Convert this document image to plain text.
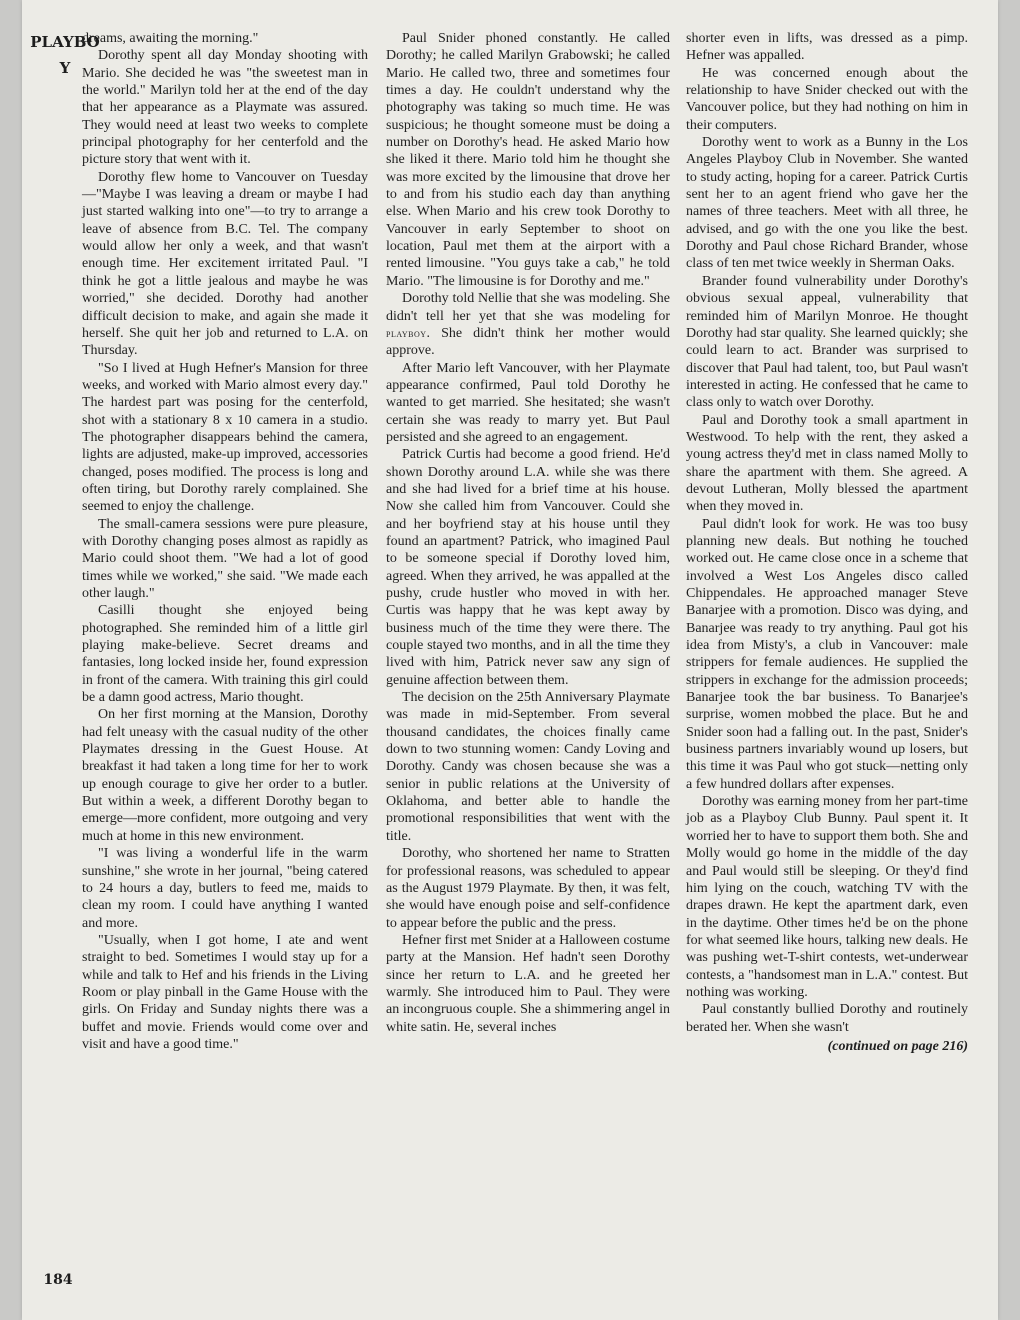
PLAYBOY
184

dreams, awaiting the morning."

Dorothy spent all day Monday shooting with Mario. She decided he was "the sweetest man in the world." Marilyn told her at the end of the day that her appearance as a Playmate was assured. They would need at least two weeks to complete principal photography for her centerfold and the picture story that went with it.

Dorothy flew home to Vancouver on Tuesday—"Maybe I was leaving a dream or maybe I had just started walking into one"—to try to arrange a leave of absence from B.C. Tel. The company would allow her only a week, and that wasn't enough time. Her excitement irritated Paul. "I think he got a little jealous and maybe he was worried," she decided. Dorothy had another difficult decision to make, and again she made it herself. She quit her job and returned to L.A. on Thursday.

"So I lived at Hugh Hefner's Mansion for three weeks, and worked with Mario almost every day." The hardest part was posing for the centerfold, shot with a stationary 8 x 10 camera in a studio. The photographer disappears behind the camera, lights are adjusted, make-up improved, accessories changed, poses modified. The process is long and often tiring, but Dorothy rarely complained. She seemed to enjoy the challenge.

The small-camera sessions were pure pleasure, with Dorothy changing poses almost as rapidly as Mario could shoot them. "We had a lot of good times while we worked," she said. "We made each other laugh."

Casilli thought she enjoyed being photographed. She reminded him of a little girl playing make-believe. Secret dreams and fantasies, long locked inside her, found expression in front of the camera. With training this girl could be a damn good actress, Mario thought.

On her first morning at the Mansion, Dorothy had felt uneasy with the casual nudity of the other Playmates dressing in the Guest House. At breakfast it had taken a long time for her to work up enough courage to give her order to a butler. But within a week, a different Dorothy began to emerge—more confident, more outgoing and very much at home in this new environment.

"I was living a wonderful life in the warm sunshine," she wrote in her journal, "being catered to 24 hours a day, butlers to feed me, maids to clean my room. I could have anything I wanted and more.

"Usually, when I got home, I ate and went straight to bed. Sometimes I would stay up for a while and talk to Hef and his friends in the Living Room or play pinball in the Game House with the girls. On Friday and Sunday nights there was a buffet and movie. Friends would come over and visit and have a good time."

Paul Snider phoned constantly. He called Dorothy; he called Marilyn Grabowski; he called Mario. He called two, three and sometimes four times a day. He couldn't understand why the photography was taking so much time. He was suspicious; he thought someone must be doing a number on Dorothy's head. He asked Mario how she liked it there. Mario told him he thought she was more excited by the limousine that drove her to and from his studio each day than anything else. When Mario and his crew took Dorothy to Vancouver in early September to shoot on location, Paul met them at the airport with a rented limousine. "You guys take a cab," he told Mario. "The limousine is for Dorothy and me."

Dorothy told Nellie that she was modeling. She didn't tell her yet that she was modeling for playboy. She didn't think her mother would approve.

After Mario left Vancouver, with her Playmate appearance confirmed, Paul told Dorothy he wanted to get married. She hesitated; she wasn't certain she was ready to marry yet. But Paul persisted and she agreed to an engagement.

Patrick Curtis had become a good friend. He'd shown Dorothy around L.A. while she was there and she had lived for a brief time at his house. Now she called him from Vancouver. Could she and her boyfriend stay at his house until they found an apartment? Patrick, who imagined Paul to be someone special if Dorothy loved him, agreed. When they arrived, he was appalled at the pushy, crude hustler who moved in with her. Curtis was happy that he was kept away by business much of the time they were there. The couple stayed two months, and in all the time they lived with him, Patrick never saw any sign of genuine affection between them.

The decision on the 25th Anniversary Playmate was made in mid-September. From several thousand candidates, the choices finally came down to two stunning women: Candy Loving and Dorothy. Candy was chosen because she was a senior in public relations at the University of Oklahoma, and better able to handle the promotional responsibilities that went with the title.

Dorothy, who shortened her name to Stratten for professional reasons, was scheduled to appear as the August 1979 Playmate. By then, it was felt, she would have enough poise and self-confidence to appear before the public and the press.

Hefner first met Snider at a Halloween costume party at the Mansion. Hef hadn't seen Dorothy since her return to L.A. and he greeted her warmly. She introduced him to Paul. They were an incongruous couple. She a shimmering angel in white satin. He, several inches

shorter even in lifts, was dressed as a pimp. Hefner was appalled.

He was concerned enough about the relationship to have Snider checked out with the Vancouver police, but they had nothing on him in their computers.

Dorothy went to work as a Bunny in the Los Angeles Playboy Club in November. She wanted to study acting, hoping for a career. Patrick Curtis sent her to an agent friend who gave her the names of three teachers. Meet with all three, he advised, and go with the one you like the best. Dorothy and Paul chose Richard Brander, whose class of ten met twice weekly in Sherman Oaks.

Brander found vulnerability under Dorothy's obvious sexual appeal, vulnerability that reminded him of Marilyn Monroe. He thought Dorothy had star quality. She learned quickly; she could learn to act. Brander was surprised to discover that Paul had talent, too, but Paul wasn't interested in acting. He confessed that he came to class only to watch over Dorothy.

Paul and Dorothy took a small apartment in Westwood. To help with the rent, they asked a young actress they'd met in class named Molly to share the apartment with them. She agreed. A devout Lutheran, Molly blessed the apartment when they moved in.

Paul didn't look for work. He was too busy planning new deals. But nothing he touched worked out. He came close once in a scheme that involved a West Los Angeles disco called Chippendales. He approached manager Steve Banarjee with a promotion. Disco was dying, and Banarjee was ready to try anything. Paul got his idea from Misty's, a club in Vancouver: male strippers for female audiences. He supplied the strippers in exchange for the admission proceeds; Banarjee took the bar business. To Banarjee's surprise, women mobbed the place. But he and Snider soon had a falling out. In the past, Snider's business partners invariably wound up losers, but this time it was Paul who got stuck—netting only a few hundred dollars after expenses.

Dorothy was earning money from her part-time job as a Playboy Club Bunny. Paul spent it. It worried her to have to support them both. She and Molly would go home in the middle of the day and Paul would still be sleeping. Or they'd find him lying on the couch, watching TV with the drapes drawn. He kept the apartment dark, even in the daytime. Other times he'd be on the phone for what seemed like hours, talking new deals. He was pushing wet-T-shirt contests, wet-underwear contests, a "handsomest man in L.A." contest. But nothing was working.

Paul constantly bullied Dorothy and routinely berated her. When she wasn't

(continued on page 216)
